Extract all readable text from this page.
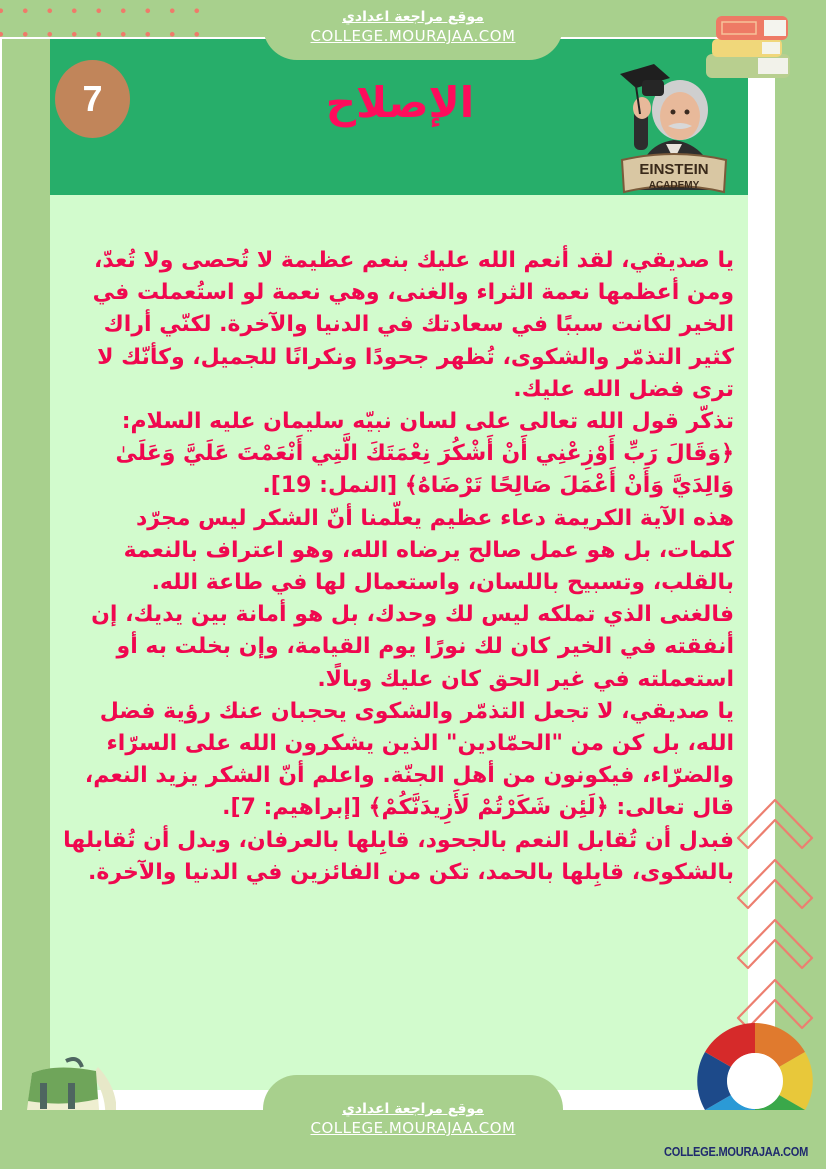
موقع مراجعة اعدادي
COLLEGE.MOURAJAA.COM
7	الإصلاح
EINSTEIN
ACADEMY

يا صديقي، لقد أنعم الله عليك بنعم عظيمة لا تُحصى ولا تُعدّ، ومن أعظمها نعمة الثراء والغنى، وهي نعمة لو استُعملت في الخير لكانت سببًا في سعادتك في الدنيا والآخرة. لكنّي أراك كثير التذمّر والشكوى، تُظهر جحودًا ونكرانًا للجميل، وكأنّك لا ترى فضل الله عليك.

تذكّر قول الله تعالى على لسان نبيّه سليمان عليه السلام:

﴿وَقَالَ رَبِّ أَوْزِعْنِي أَنْ أَشْكُرَ نِعْمَتَكَ الَّتِي أَنْعَمْتَ عَلَيَّ وَعَلَىٰ وَالِدَيَّ وَأَنْ أَعْمَلَ صَالِحًا تَرْضَاهُ﴾ [النمل: 19].

هذه الآية الكريمة دعاء عظيم يعلّمنا أنّ الشكر ليس مجرّد كلمات، بل هو عمل صالح يرضاه الله، وهو اعتراف بالنعمة بالقلب، وتسبيح باللسان، واستعمال لها في طاعة الله.

فالغنى الذي تملكه ليس لك وحدك، بل هو أمانة بين يديك، إن أنفقته في الخير كان لك نورًا يوم القيامة، وإن بخلت به أو استعملته في غير الحق كان عليك وبالًا.

يا صديقي، لا تجعل التذمّر والشكوى يحجبان عنك رؤية فضل الله، بل كن من "الحمّادين" الذين يشكرون الله على السرّاء والضرّاء، فيكونون من أهل الجنّة. واعلم أنّ الشكر يزيد النعم، قال تعالى: ﴿لَئِن شَكَرْتُمْ لَأَزِيدَنَّكُمْ﴾ [إبراهيم: 7].

فبدل أن تُقابل النعم بالجحود، قابِلها بالعرفان، وبدل أن تُقابلها بالشكوى، قابِلها بالحمد، تكن من الفائزين في الدنيا والآخرة.

موقع مراجعة اعدادي
COLLEGE.MOURAJAA.COM
COLLEGE.MOURAJAA.COM
